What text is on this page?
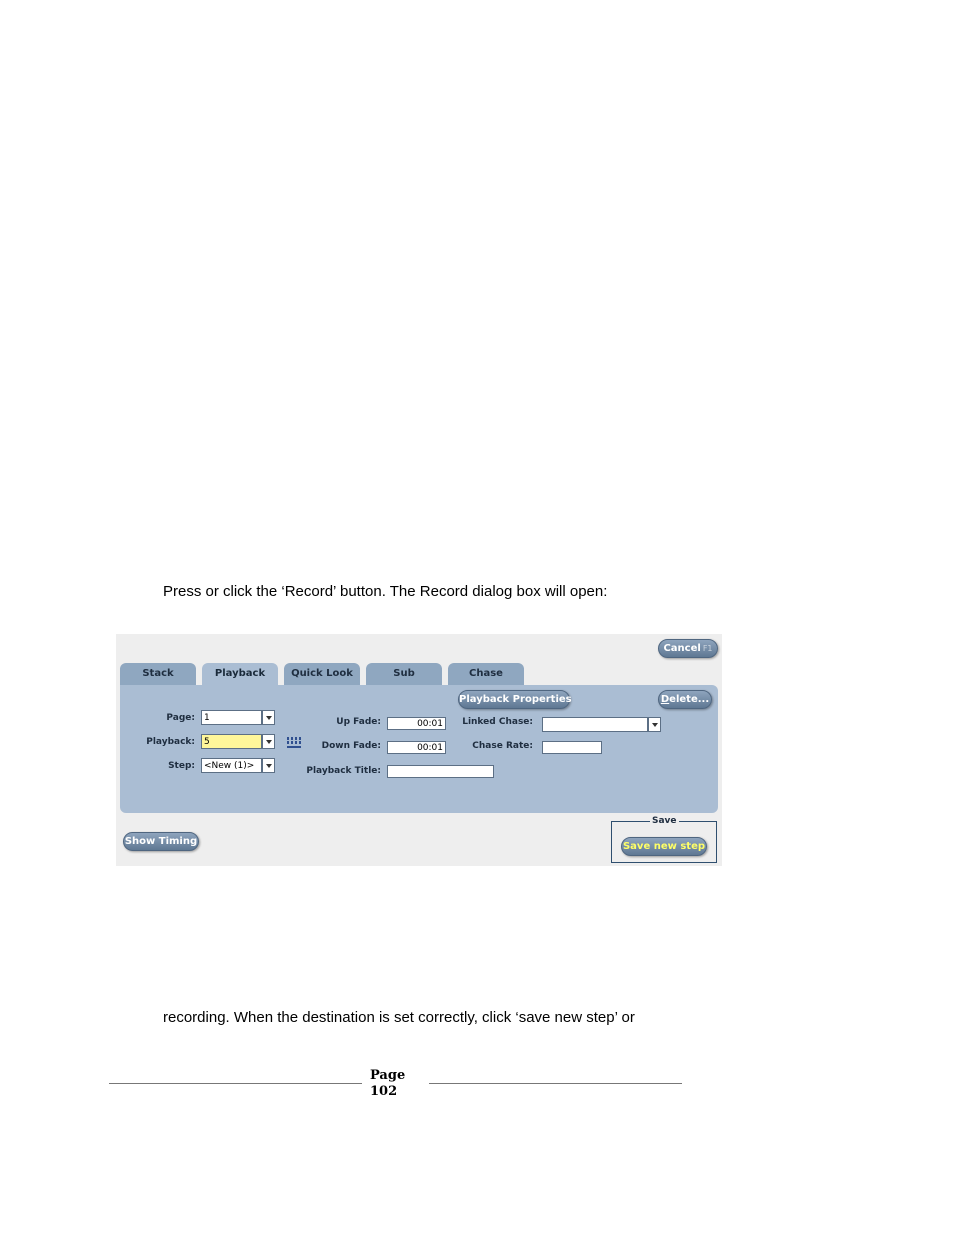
Press or click the ‘Record’ button. The Record dialog box will open:
Cancel F1
Stack	Playback	Quick Look	Sub	Chase
Playback Properties	Delete...
Page:	1
Playback:	5
Step:	<New (1)>
Up Fade:	00:01
Down Fade:	00:01
Playback Title:
Linked Chase:
Chase Rate:
Show Timing
Save
Save new step
recording. When the destination is set correctly, click ‘save new step’ or
Page
102
